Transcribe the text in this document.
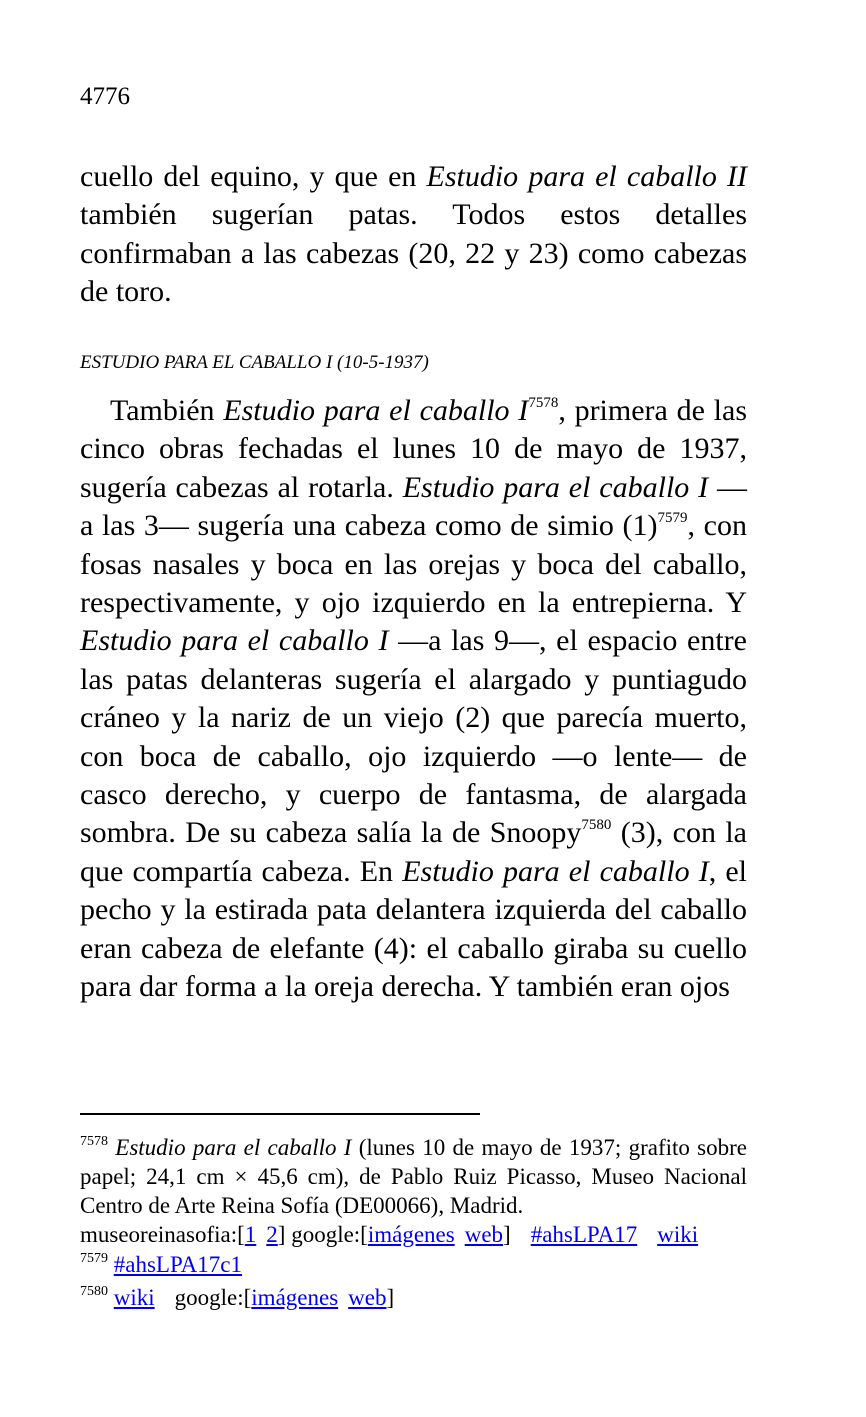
4776
cuello del equino, y que en Estudio para el caballo II también sugerían patas. Todos estos detalles confirmaban a las cabezas (20, 22 y 23) como cabezas de toro.
ESTUDIO PARA EL CABALLO I (10-5-1937)
También Estudio para el caballo $I^{7578}$, primera de las cinco obras fechadas el lunes 10 de mayo de 1937, sugería cabezas al rotarla. Estudio para el caballo I —a las 3— sugería una cabeza como de simio $(1)^{7579}$, con fosas nasales y boca en las orejas y boca del caballo, respectivamente, y ojo izquierdo en la entrepierna. Y Estudio para el caballo I —a las 9—, el espacio entre las patas delanteras sugería el alargado y puntiagudo cráneo y la nariz de un viejo (2) que parecía muerto, con boca de caballo, ojo izquierdo —o lente— de casco derecho, y cuerpo de fantasma, de alargada sombra. De su cabeza salía la de Snoopy$^{7580}$ (3), con la que compartía cabeza. En Estudio para el caballo I, el pecho y la estirada pata delantera izquierda del caballo eran cabeza de elefante (4): el caballo giraba su cuello para dar forma a la oreja derecha. Y también eran ojos
$^{7578}$ Estudio para el caballo I (lunes 10 de mayo de 1937; grafito sobre papel; 24,1 cm × 45,6 cm), de Pablo Ruiz Picasso, Museo Nacional Centro de Arte Reina Sofía (DE00066), Madrid.
museoreinasofia:[1 2] google:[imágenes web] #ahsLPA17 wiki
$^{7579}$ #ahsLPA17c1
$^{7580}$ wiki google:[imágenes web]
